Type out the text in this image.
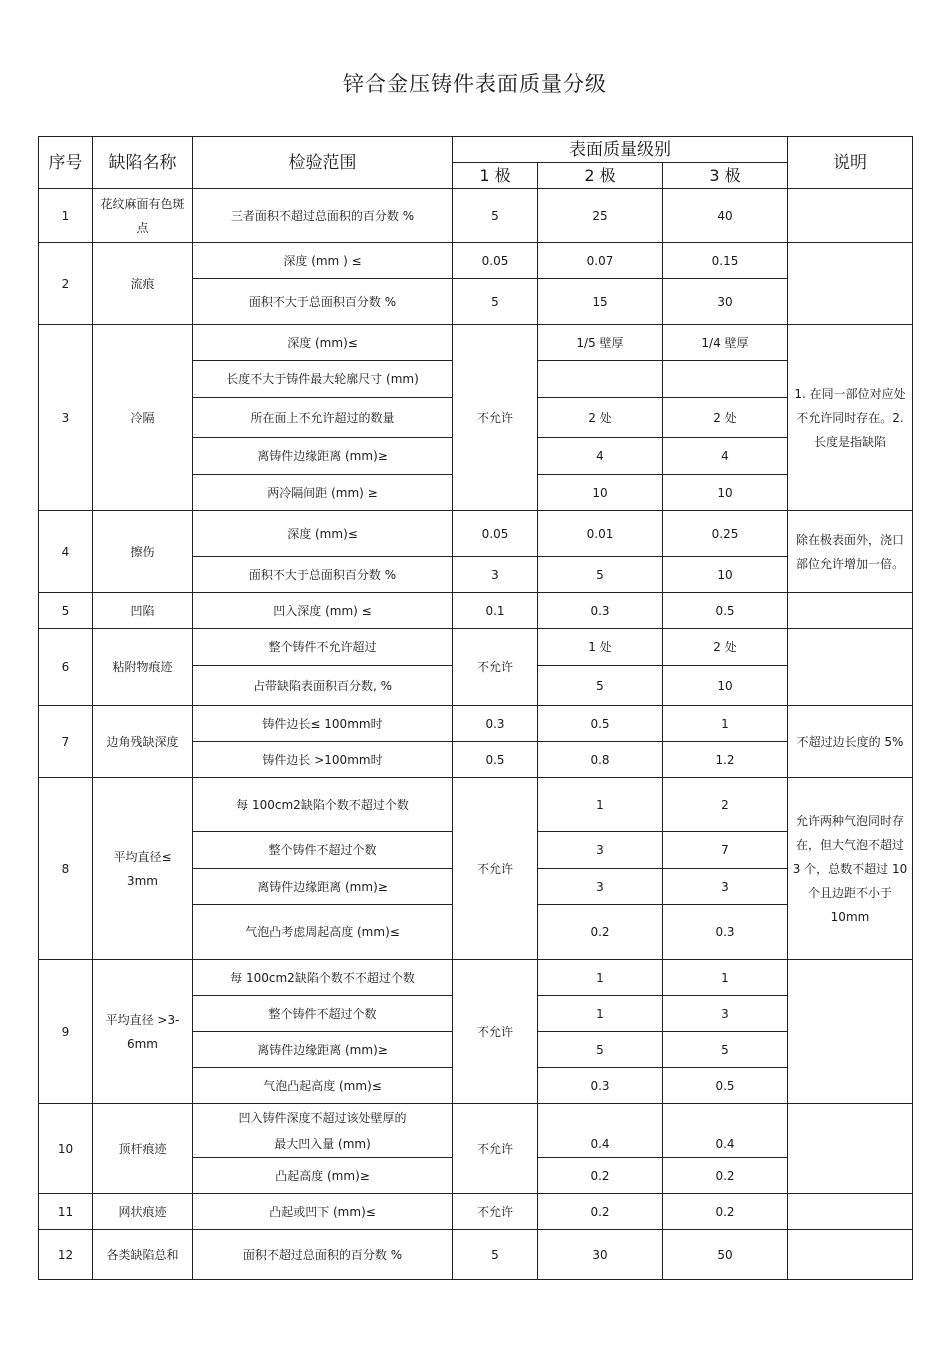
锌合金压铸件表面质量分级
序号	缺陷名称	检验范围	表面质量级别			说明
			1 极	2 极	3 极	
1	花纹麻面有色斑点	三者面积不超过总面积的百分数 %	5	25	40	
2	流痕	深度 (mm ) ≤	0.05	0.07	0.15	
		面积不大于总面积百分数 %	5	15	30	
3	冷隔	深度 (mm)≤	不允许	1/5 壁厚	1/4 壁厚	1. 在同一部位对应处不允许同时存在。2. 长度是指缺陷
		长度不大于铸件最大轮廓尺寸 (mm)				
		所在面上不允许超过的数量		2 处	2 处	
		离铸件边缘距离 (mm)≥		4	4	
		两冷隔间距 (mm) ≥		10	10	
4	擦伤	深度 (mm)≤	0.05	0.01	0.25	除在极表面外，浇口部位允许增加一倍。
		面积不大于总面积百分数 %	3	5	10	
5	凹陷	凹入深度 (mm) ≤	0.1	0.3	0.5	
6	粘附物痕迹	整个铸件不允许超过	不允许	1 处	2 处	
		占带缺陷表面积百分数, %		5	10	
7	边角残缺深度	铸件边长≤ 100mm时	0.3	0.5	1	不超过边长度的 5%
		铸件边长 >100mm时	0.5	0.8	1.2	
8	平均直径≤ 3mm	每 100cm2缺陷个数不超过个数	不允许	1	2	允许两种气泡同时存在，但大气泡不超过 3 个，总数不超过 10 个且边距不小于 10mm
		整个铸件不超过个数		3	7	
		离铸件边缘距离 (mm)≥		3	3	
		气泡凸考虑周起高度 (mm)≤		0.2	0.3	
9	平均直径 >3-6mm	每 100cm2缺陷个数不不超过个数	不允许	1	1	
		整个铸件不超过个数		1	3	
		离铸件边缘距离 (mm)≥		5	5	
		气泡凸起高度 (mm)≤		0.3	0.5	
10	顶杆痕迹	凹入铸件深度不超过该处壁厚的	不允许			
		最大凹入量 (mm)		0.4	0.4	
		凸起高度 (mm)≥		0.2	0.2	
11	网状痕迹	凸起或凹下 (mm)≤	不允许	0.2	0.2	
12	各类缺陷总和	面积不超过总面积的百分数 %	5	30	50	
